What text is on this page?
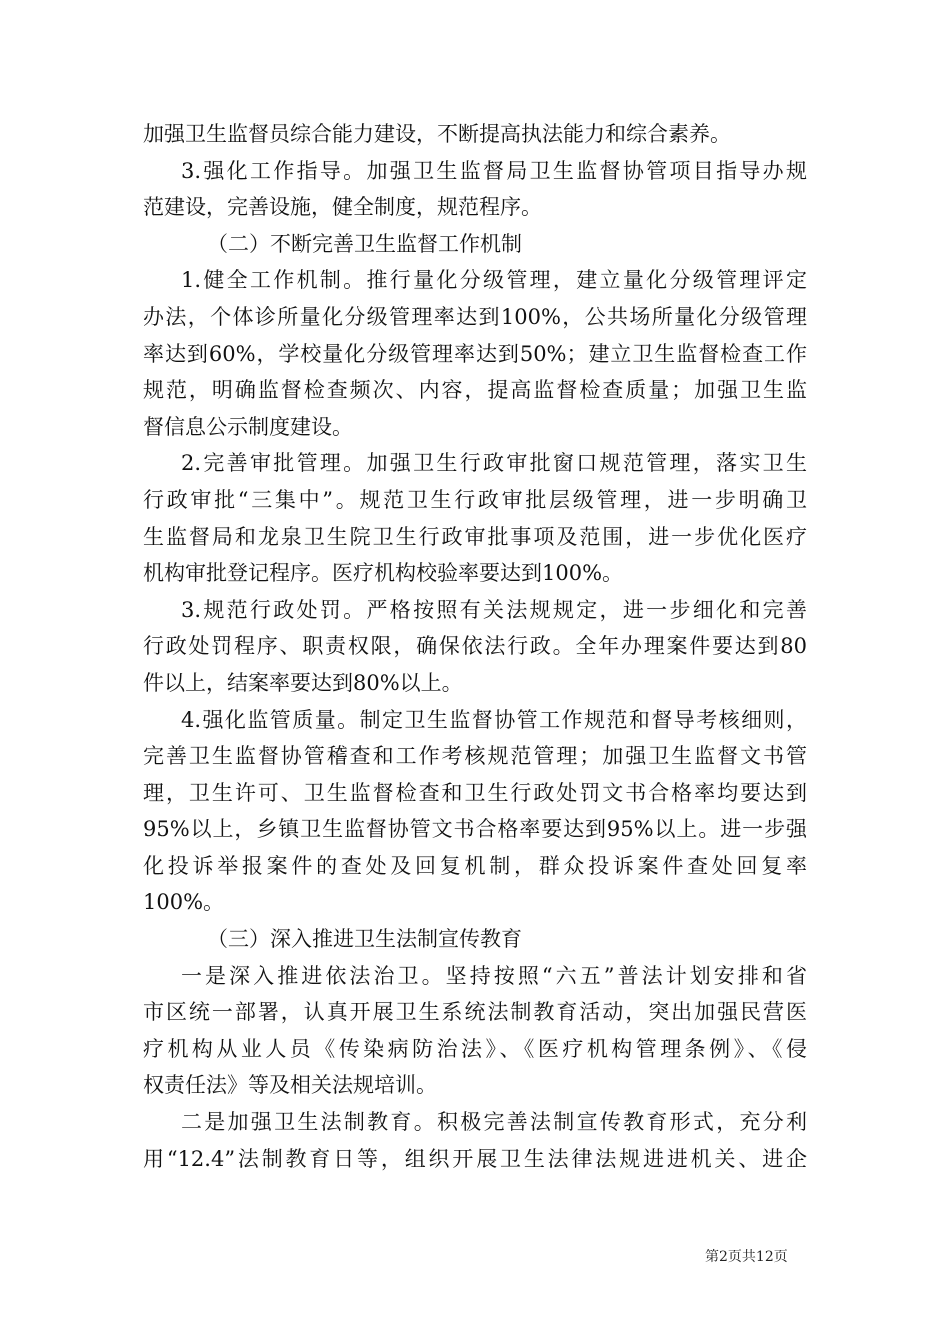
加强卫生监督员综合能力建设，不断提高执法能力和综合素养。

3.强化工作指导。加强卫生监督局卫生监督协管项目指导办规

范建设，完善设施，健全制度，规范程序。

（二）不断完善卫生监督工作机制

1.健全工作机制。推行量化分级管理，建立量化分级管理评定

办法，个体诊所量化分级管理率达到100%，公共场所量化分级管理

率达到60%，学校量化分级管理率达到50%；建立卫生监督检查工作

规范，明确监督检查频次、内容，提高监督检查质量；加强卫生监

督信息公示制度建设。

2.完善审批管理。加强卫生行政审批窗口规范管理，落实卫生

行政审批“三集中”。规范卫生行政审批层级管理，进一步明确卫

生监督局和龙泉卫生院卫生行政审批事项及范围，进一步优化医疗

机构审批登记程序。医疗机构校验率要达到100%。

3.规范行政处罚。严格按照有关法规规定，进一步细化和完善

行政处罚程序、职责权限，确保依法行政。全年办理案件要达到80

件以上，结案率要达到80%以上。

4.强化监管质量。制定卫生监督协管工作规范和督导考核细则，

完善卫生监督协管稽查和工作考核规范管理；加强卫生监督文书管

理，卫生许可、卫生监督检查和卫生行政处罚文书合格率均要达到

95%以上，乡镇卫生监督协管文书合格率要达到95%以上。进一步强

化投诉举报案件的查处及回复机制，群众投诉案件查处回复率

100%。

（三）深入推进卫生法制宣传教育

一是深入推进依法治卫。坚持按照“六五”普法计划安排和省

市区统一部署，认真开展卫生系统法制教育活动，突出加强民营医

疗机构从业人员《传染病防治法》、《医疗机构管理条例》、《侵

权责任法》等及相关法规培训。

二是加强卫生法制教育。积极完善法制宣传教育形式，充分利

用“12.4”法制教育日等，组织开展卫生法律法规进进机关、进企

第2页共12页
